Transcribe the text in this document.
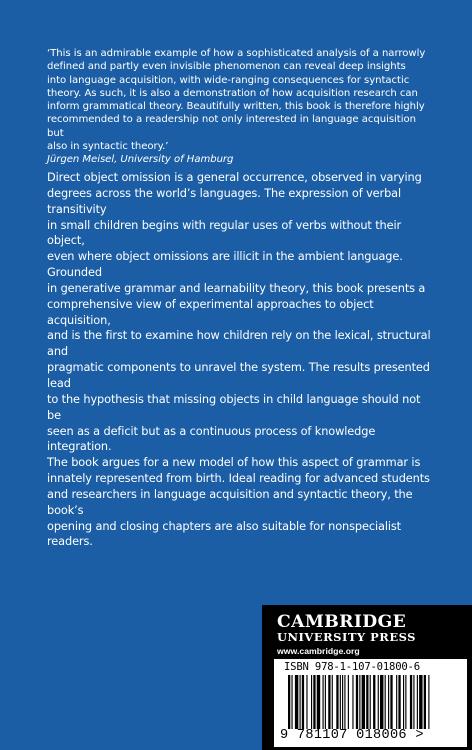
‘This is an admirable example of how a sophisticated analysis of a narrowly
defined and partly even invisible phenomenon can reveal deep insights
into language acquisition, with wide-ranging consequences for syntactic
theory. As such, it is also a demonstration of how acquisition research can
inform grammatical theory. Beautifully written, this book is therefore highly
recommended to a readership not only interested in language acquisition but
also in syntactic theory.’

Jürgen Meisel, University of Hamburg

Direct object omission is a general occurrence, observed in varying
degrees across the world’s languages. The expression of verbal transitivity
in small children begins with regular uses of verbs without their object,
even where object omissions are illicit in the ambient language. Grounded
in generative grammar and learnability theory, this book presents a
comprehensive view of experimental approaches to object acquisition,
and is the first to examine how children rely on the lexical, structural and
pragmatic components to unravel the system. The results presented lead
to the hypothesis that missing objects in child language should not be
seen as a deficit but as a continuous process of knowledge integration.
The book argues for a new model of how this aspect of grammar is
innately represented from birth. Ideal reading for advanced students
and researchers in language acquisition and syntactic theory, the book’s
opening and closing chapters are also suitable for nonspecialist readers.

CAMBRIDGE
UNIVERSITY PRESS
www.cambridge.org
ISBN 978-1-107-01800-6
9 781107 018006 >
